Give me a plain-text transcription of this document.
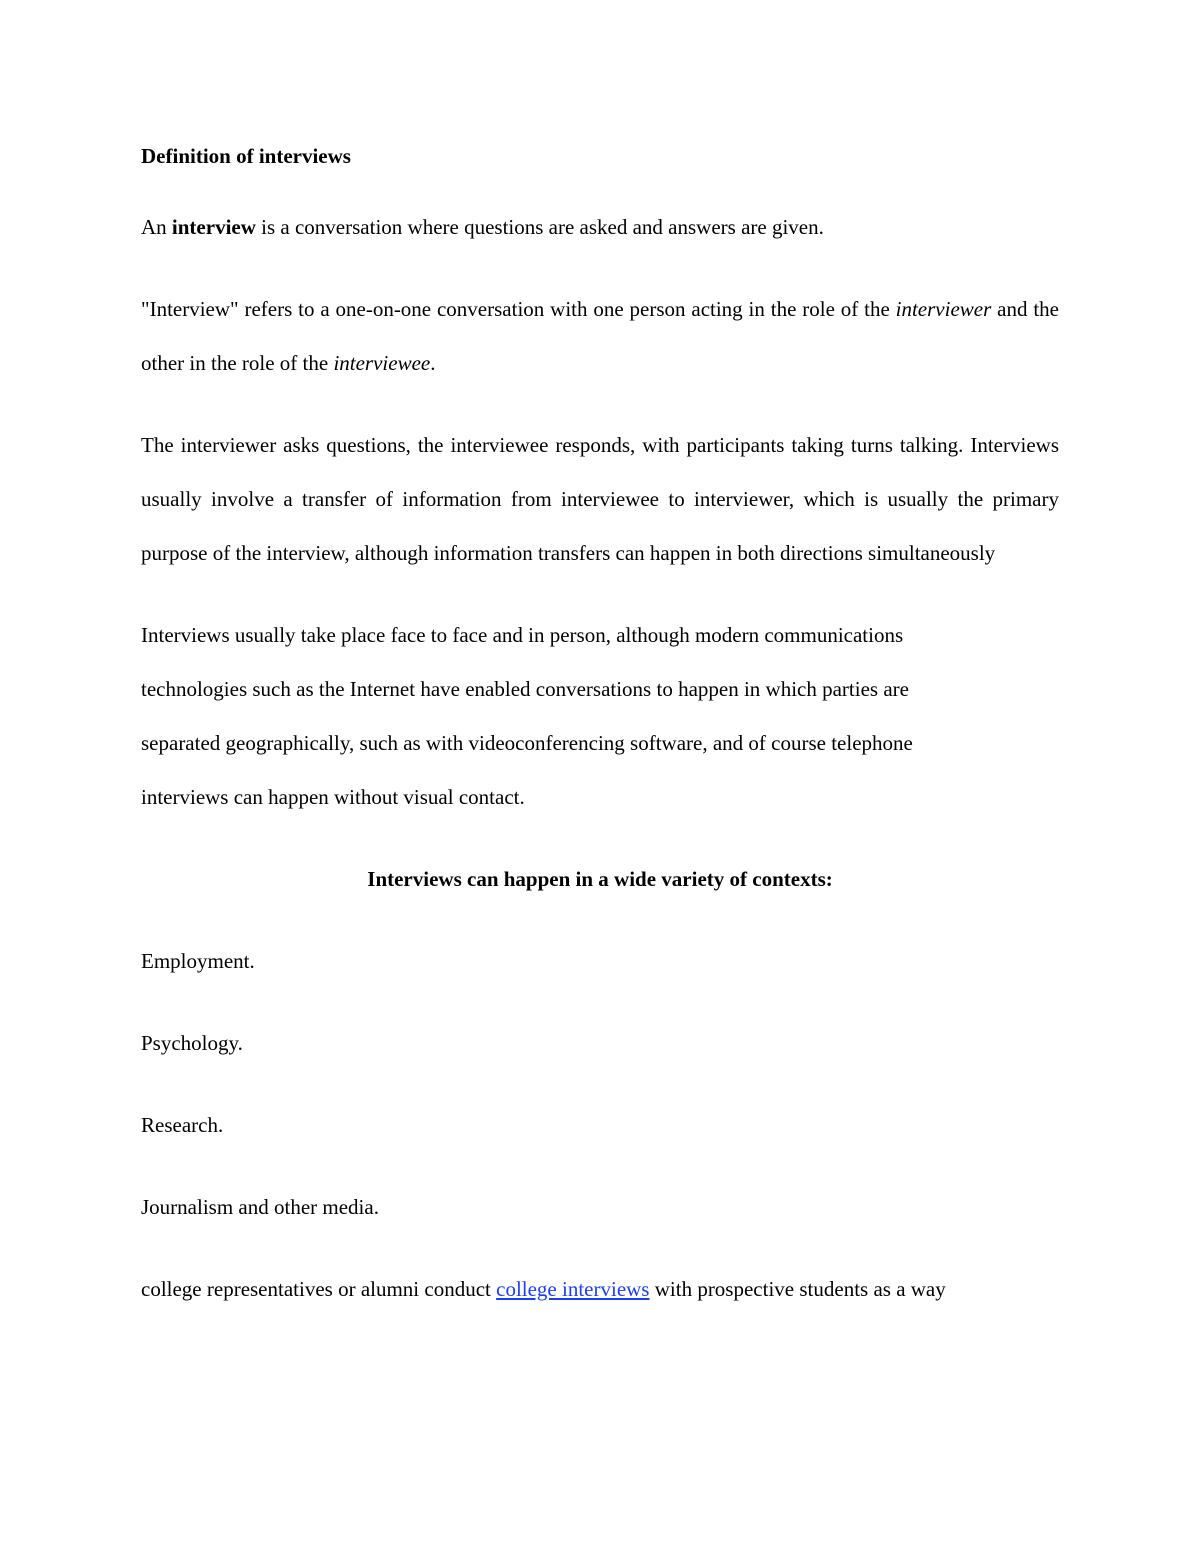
Definition of interviews
An interview is a conversation where questions are asked and answers are given.
"Interview" refers to a one-on-one conversation with one person acting in the role of the interviewer and the other in the role of the interviewee.
The interviewer asks questions, the interviewee responds, with participants taking turns talking. Interviews usually involve a transfer of information from interviewee to interviewer, which is usually the primary purpose of the interview, although information transfers can happen in both directions simultaneously
Interviews usually take place face to face and in person, although modern communications
technologies such as the Internet have enabled conversations to happen in which parties are
separated geographically, such as with videoconferencing software, and of course telephone
interviews can happen without visual contact.
Interviews can happen in a wide variety of contexts:
Employment.
Psychology.
Research.
Journalism and other media.
college representatives or alumni conduct college interviews with prospective students as a way
